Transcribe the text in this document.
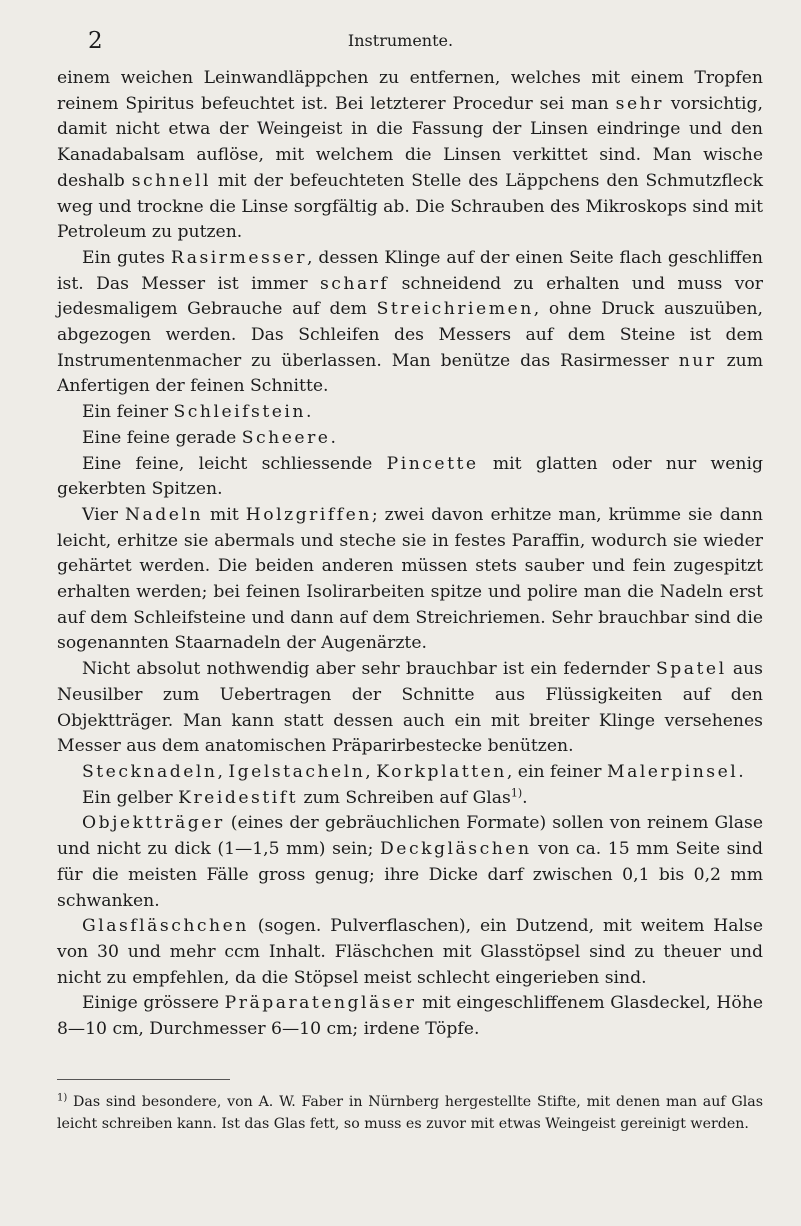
2	Instrumente.

einem weichen Leinwandläppchen zu entfernen, welches mit einem Tropfen reinem Spiritus befeuchtet ist. Bei letzterer Procedur sei man sehr vorsichtig, damit nicht etwa der Weingeist in die Fassung der Linsen eindringe und den Kanadabalsam auflöse, mit welchem die Linsen verkittet sind. Man wische deshalb schnell mit der befeuchteten Stelle des Läppchens den Schmutzfleck weg und trockne die Linse sorgfältig ab. Die Schrauben des Mikroskops sind mit Petroleum zu putzen.

Ein gutes Rasirmesser, dessen Klinge auf der einen Seite flach geschliffen ist. Das Messer ist immer scharf schneidend zu erhalten und muss vor jedesmaligem Gebrauche auf dem Streichriemen, ohne Druck auszuüben, abgezogen werden. Das Schleifen des Messers auf dem Steine ist dem Instrumentenmacher zu überlassen. Man benütze das Rasirmesser nur zum Anfertigen der feinen Schnitte.

Ein feiner Schleifstein.

Eine feine gerade Scheere.

Eine feine, leicht schliessende Pincette mit glatten oder nur wenig gekerbten Spitzen.

Vier Nadeln mit Holzgriffen; zwei davon erhitze man, krümme sie dann leicht, erhitze sie abermals und steche sie in festes Paraffin, wodurch sie wieder gehärtet werden. Die beiden anderen müssen stets sauber und fein zugespitzt erhalten werden; bei feinen Isolirarbeiten spitze und polire man die Nadeln erst auf dem Schleifsteine und dann auf dem Streichriemen. Sehr brauchbar sind die sogenannten Staarnadeln der Augenärzte.

Nicht absolut nothwendig aber sehr brauchbar ist ein federnder Spatel aus Neusilber zum Uebertragen der Schnitte aus Flüssigkeiten auf den Objektträger. Man kann statt dessen auch ein mit breiter Klinge versehenes Messer aus dem anatomischen Präparirbestecke benützen.

Stecknadeln, Igelstacheln, Korkplatten, ein feiner Malerpinsel.

Ein gelber Kreidestift zum Schreiben auf Glas$^{1)}$.

Objektträger (eines der gebräuchlichen Formate) sollen von reinem Glase und nicht zu dick (1—1,5 mm) sein; Deckgläschen von ca. 15 mm Seite sind für die meisten Fälle gross genug; ihre Dicke darf zwischen 0,1 bis 0,2 mm schwanken.

Glasfläschchen (sogen. Pulverflaschen), ein Dutzend, mit weitem Halse von 30 und mehr ccm Inhalt. Fläschchen mit Glasstöpsel sind zu theuer und nicht zu empfehlen, da die Stöpsel meist schlecht eingerieben sind.

Einige grössere Präparatengläser mit eingeschliffenem Glasdeckel, Höhe 8—10 cm, Durchmesser 6—10 cm; irdene Töpfe.

$^{1)}$ Das sind besondere, von A. W. Faber in Nürnberg hergestellte Stifte, mit denen man auf Glas leicht schreiben kann. Ist das Glas fett, so muss es zuvor mit etwas Weingeist gereinigt werden.
